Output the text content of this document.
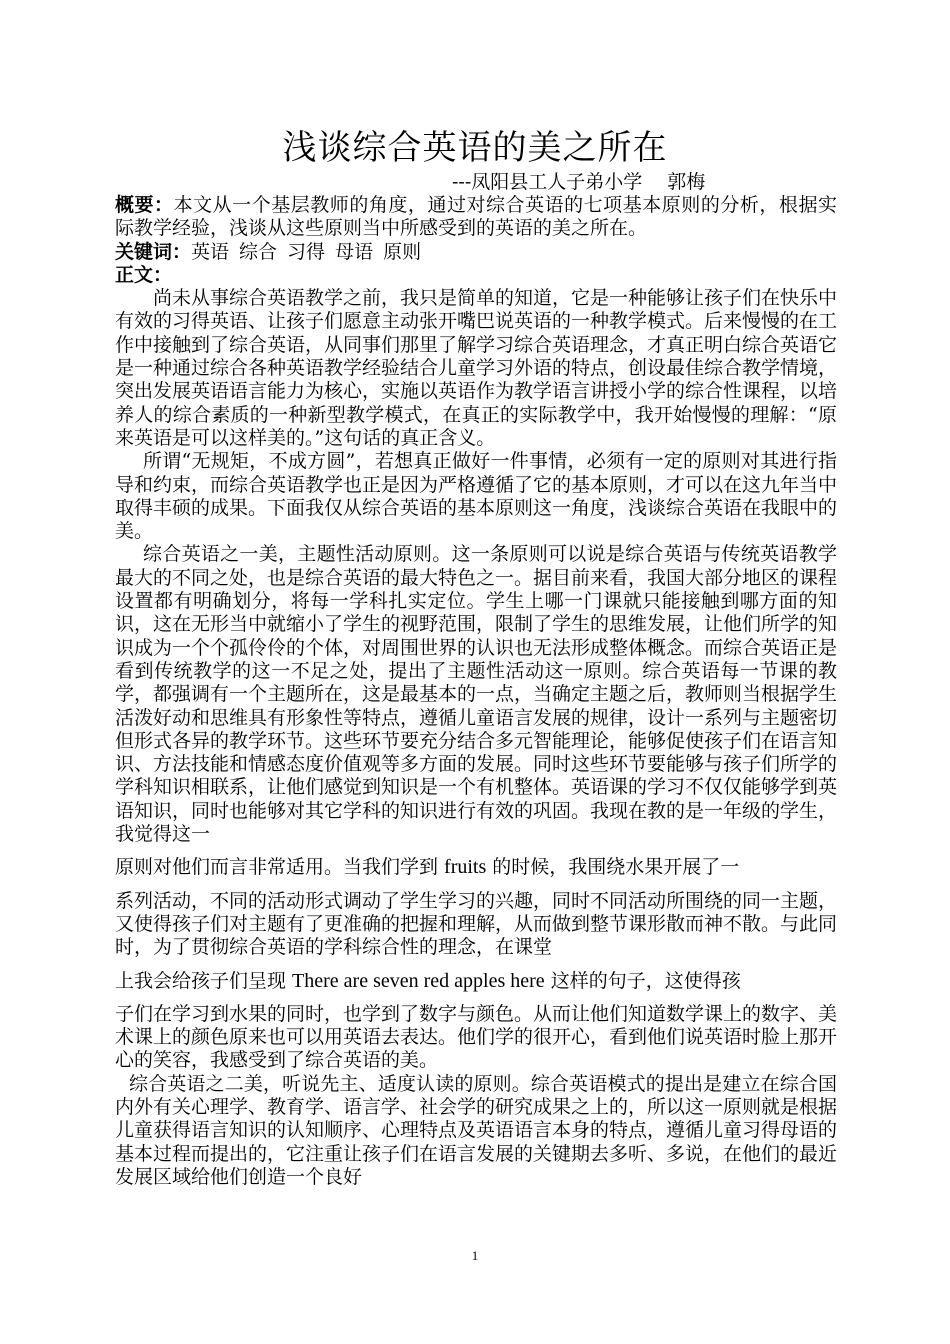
浅谈综合英语的美之所在
---凤阳县工人子弟小学　 郭梅

概要：本文从一个基层教师的角度，通过对综合英语的七项基本原则的分析，根据实际教学经验，浅谈从这些原则当中所感受到的英语的美之所在。

关键词：英语 综合 习得 母语 原则

正文：

尚未从事综合英语教学之前，我只是简单的知道，它是一种能够让孩子们在快乐中有效的习得英语、让孩子们愿意主动张开嘴巴说英语的一种教学模式。后来慢慢的在工作中接触到了综合英语，从同事们那里了解学习综合英语理念，才真正明白综合英语它是一种通过综合各种英语教学经验结合儿童学习外语的特点，创设最佳综合教学情境，突出发展英语语言能力为核心，实施以英语作为教学语言讲授小学的综合性课程，以培养人的综合素质的一种新型教学模式，在真正的实际教学中，我开始慢慢的理解：“原来英语是可以这样美的。”这句话的真正含义。

所谓“无规矩，不成方圆”，若想真正做好一件事情，必须有一定的原则对其进行指导和约束，而综合英语教学也正是因为严格遵循了它的基本原则，才可以在这九年当中取得丰硕的成果。下面我仅从综合英语的基本原则这一角度，浅谈综合英语在我眼中的美。

综合英语之一美，主题性活动原则。这一条原则可以说是综合英语与传统英语教学最大的不同之处，也是综合英语的最大特色之一。据目前来看，我国大部分地区的课程设置都有明确划分，将每一学科扎实定位。学生上哪一门课就只能接触到哪方面的知识，这在无形当中就缩小了学生的视野范围，限制了学生的思维发展，让他们所学的知识成为一个个孤伶伶的个体，对周围世界的认识也无法形成整体概念。而综合英语正是看到传统教学的这一不足之处，提出了主题性活动这一原则。综合英语每一节课的教学，都强调有一个主题所在，这是最基本的一点，当确定主题之后，教师则当根据学生活泼好动和思维具有形象性等特点，遵循儿童语言发展的规律，设计一系列与主题密切但形式各异的教学环节。这些环节要充分结合多元智能理论，能够促使孩子们在语言知识、方法技能和情感态度价值观等多方面的发展。同时这些环节要能够与孩子们所学的学科知识相联系，让他们感觉到知识是一个有机整体。英语课的学习不仅仅能够学到英语知识，同时也能够对其它学科的知识进行有效的巩固。我现在教的是一年级的学生，我觉得这一

原则对他们而言非常适用。当我们学到 fruits 的时候，我围绕水果开展了一

系列活动，不同的活动形式调动了学生学习的兴趣，同时不同活动所围绕的同一主题，又使得孩子们对主题有了更准确的把握和理解，从而做到整节课形散而神不散。与此同时，为了贯彻综合英语的学科综合性的理念，在课堂

上我会给孩子们呈现 There are seven red apples here 这样的句子，这使得孩

子们在学习到水果的同时，也学到了数字与颜色。从而让他们知道数学课上的数字、美术课上的颜色原来也可以用英语去表达。他们学的很开心，看到他们说英语时脸上那开心的笑容，我感受到了综合英语的美。

综合英语之二美，听说先主、适度认读的原则。综合英语模式的提出是建立在综合国内外有关心理学、教育学、语言学、社会学的研究成果之上的，所以这一原则就是根据儿童获得语言知识的认知顺序、心理特点及英语语言本身的特点，遵循儿童习得母语的基本过程而提出的，它注重让孩子们在语言发展的关键期去多听、多说，在他们的最近发展区域给他们创造一个良好

1
